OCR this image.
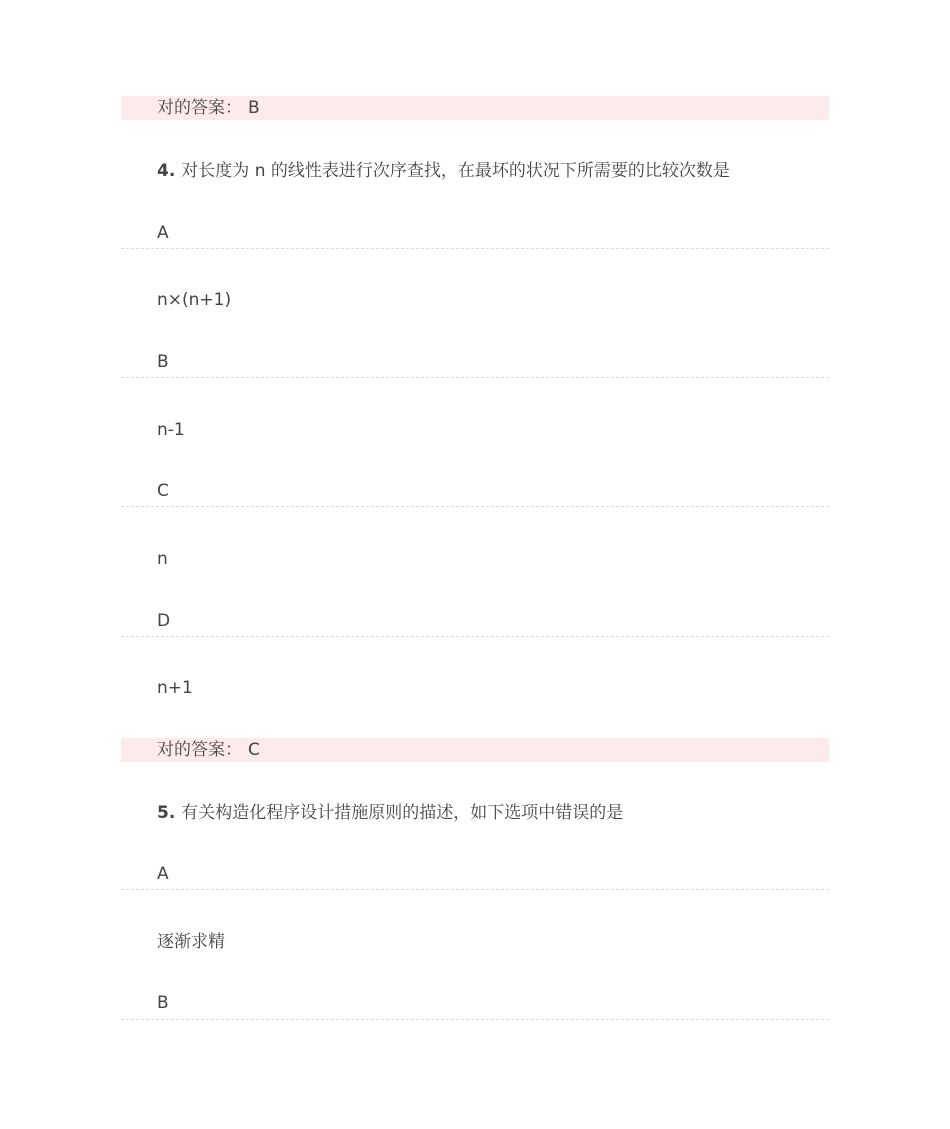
对的答案： B
4. 对长度为 n 的线性表进行次序查找，在最坏的状况下所需要的比较次数是
A
n×(n+1)
B
n-1
C
n
D
n+1
对的答案： C
5. 有关构造化程序设计措施原则的描述，如下选项中错误的是
A
逐渐求精
B
